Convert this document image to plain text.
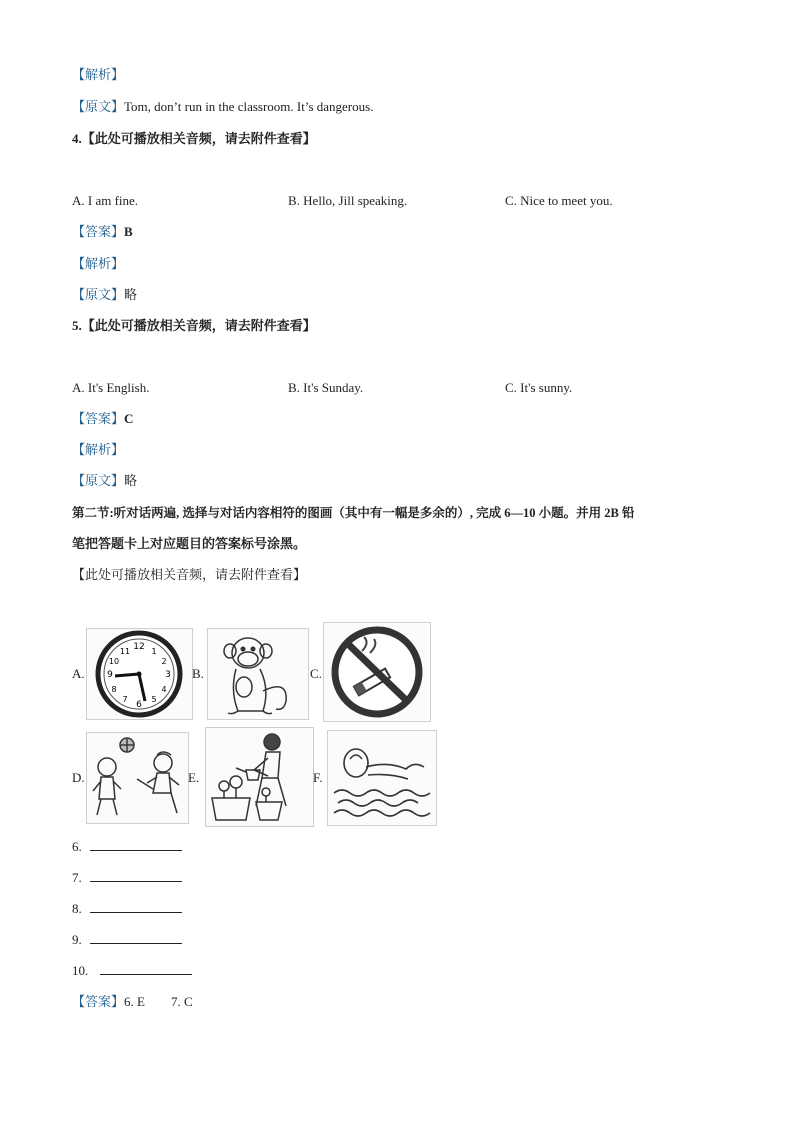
【解析】
【原文】Tom, don’t run in the classroom. It’s dangerous.
4.【此处可播放相关音频，请去附件查看】
A. I am fine.	B. Hello, Jill speaking.	C. Nice to meet you.
【答案】B
【解析】
【原文】略
5.【此处可播放相关音频，请去附件查看】
A. It's English.	B. It's Sunday.	C. It's sunny.
【答案】C
【解析】
【原文】略
第二节:听对话两遍, 选择与对话内容相符的图画（其中有一幅是多余的）, 完成 6—10 小题。并用 2B 铅
笔把答题卡上对应题目的答案标号涂黑。
【此处可播放相关音频，请去附件查看】
A.
12
3
6
9
11
10
1
2
4
5
7
8
B.	C.
D.	E.	F.
6.
7.
8.
9.
10.
【答案】6. E        7. C
